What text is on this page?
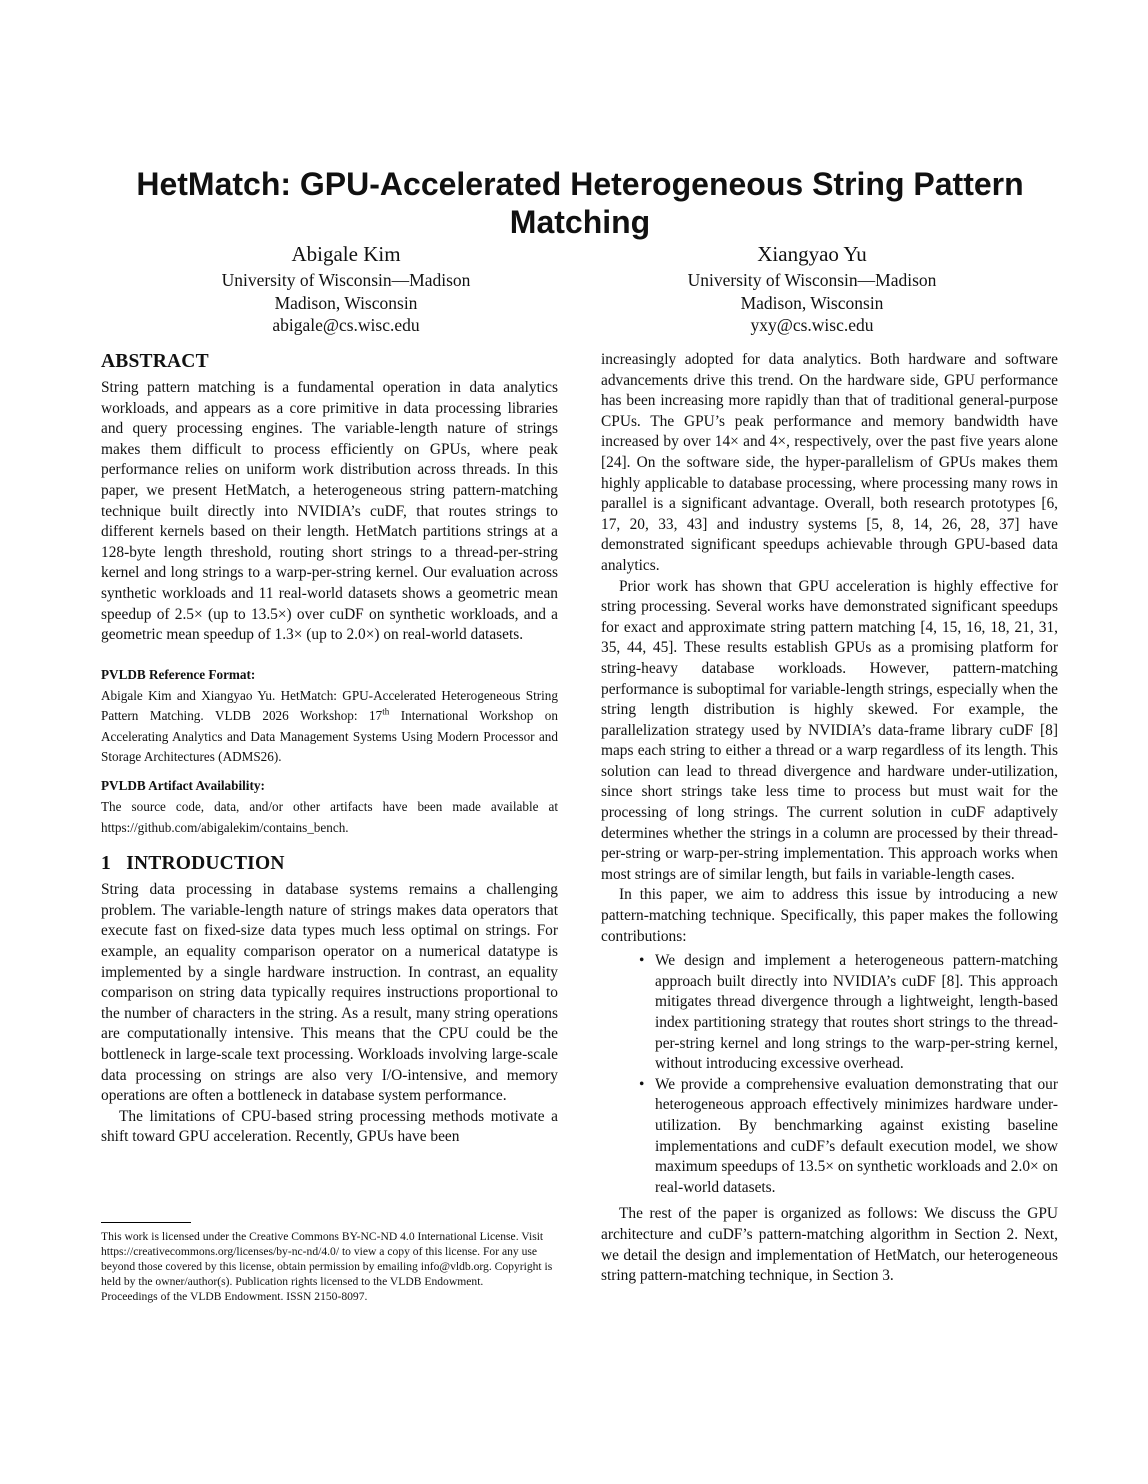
HetMatch: GPU-Accelerated Heterogeneous String Pattern Matching
Abigale Kim
University of Wisconsin—Madison
Madison, Wisconsin
abigale@cs.wisc.edu
Xiangyao Yu
University of Wisconsin—Madison
Madison, Wisconsin
yxy@cs.wisc.edu
ABSTRACT

String pattern matching is a fundamental operation in data analytics workloads, and appears as a core primitive in data processing libraries and query processing engines. The variable-length nature of strings makes them difficult to process efficiently on GPUs, where peak performance relies on uniform work distribution across threads. In this paper, we present HetMatch, a heterogeneous string pattern-matching technique built directly into NVIDIA’s cuDF, that routes strings to different kernels based on their length. HetMatch partitions strings at a 128-byte length threshold, routing short strings to a thread-per-string kernel and long strings to a warp-per-string kernel. Our evaluation across synthetic workloads and 11 real-world datasets shows a geometric mean speedup of 2.5× (up to 13.5×) over cuDF on synthetic workloads, and a geometric mean speedup of 1.3× (up to 2.0×) on real-world datasets.

PVLDB Reference Format:

Abigale Kim and Xiangyao Yu. HetMatch: GPU-Accelerated Heterogeneous String Pattern Matching. VLDB 2026 Workshop: 17th International Workshop on Accelerating Analytics and Data Management Systems Using Modern Processor and Storage Architectures (ADMS26).

PVLDB Artifact Availability:

The source code, data, and/or other artifacts have been made available at https://github.com/abigalekim/contains_bench.

1 INTRODUCTION

String data processing in database systems remains a challenging problem. The variable-length nature of strings makes data operators that execute fast on fixed-size data types much less optimal on strings. For example, an equality comparison operator on a numerical datatype is implemented by a single hardware instruction. In contrast, an equality comparison on string data typically requires instructions proportional to the number of characters in the string. As a result, many string operations are computationally intensive. This means that the CPU could be the bottleneck in large-scale text processing. Workloads involving large-scale data processing on strings are also very I/O-intensive, and memory operations are often a bottleneck in database system performance.

The limitations of CPU-based string processing methods motivate a shift toward GPU acceleration. Recently, GPUs have been

This work is licensed under the Creative Commons BY-NC-ND 4.0 International License. Visit https://creativecommons.org/licenses/by-nc-nd/4.0/ to view a copy of this license. For any use beyond those covered by this license, obtain permission by emailing info@vldb.org. Copyright is held by the owner/author(s). Publication rights licensed to the VLDB Endowment.
Proceedings of the VLDB Endowment. ISSN 2150-8097.

increasingly adopted for data analytics. Both hardware and software advancements drive this trend. On the hardware side, GPU performance has been increasing more rapidly than that of traditional general-purpose CPUs. The GPU’s peak performance and memory bandwidth have increased by over 14× and 4×, respectively, over the past five years alone [24]. On the software side, the hyper-parallelism of GPUs makes them highly applicable to database processing, where processing many rows in parallel is a significant advantage. Overall, both research prototypes [6, 17, 20, 33, 43] and industry systems [5, 8, 14, 26, 28, 37] have demonstrated significant speedups achievable through GPU-based data analytics.

Prior work has shown that GPU acceleration is highly effective for string processing. Several works have demonstrated significant speedups for exact and approximate string pattern matching [4, 15, 16, 18, 21, 31, 35, 44, 45]. These results establish GPUs as a promising platform for string-heavy database workloads. However, pattern-matching performance is suboptimal for variable-length strings, especially when the string length distribution is highly skewed. For example, the parallelization strategy used by NVIDIA’s data-frame library cuDF [8] maps each string to either a thread or a warp regardless of its length. This solution can lead to thread divergence and hardware under-utilization, since short strings take less time to process but must wait for the processing of long strings. The current solution in cuDF adaptively determines whether the strings in a column are processed by their thread-per-string or warp-per-string implementation. This approach works when most strings are of similar length, but fails in variable-length cases.

In this paper, we aim to address this issue by introducing a new pattern-matching technique. Specifically, this paper makes the following contributions:

• We design and implement a heterogeneous pattern-matching approach built directly into NVIDIA’s cuDF [8]. This approach mitigates thread divergence through a lightweight, length-based index partitioning strategy that routes short strings to the thread-per-string kernel and long strings to the warp-per-string kernel, without introducing excessive overhead.
• We provide a comprehensive evaluation demonstrating that our heterogeneous approach effectively minimizes hardware under-utilization. By benchmarking against existing baseline implementations and cuDF’s default execution model, we show maximum speedups of 13.5× on synthetic workloads and 2.0× on real-world datasets.

The rest of the paper is organized as follows: We discuss the GPU architecture and cuDF’s pattern-matching algorithm in Section 2. Next, we detail the design and implementation of HetMatch, our heterogeneous string pattern-matching technique, in Section 3.
